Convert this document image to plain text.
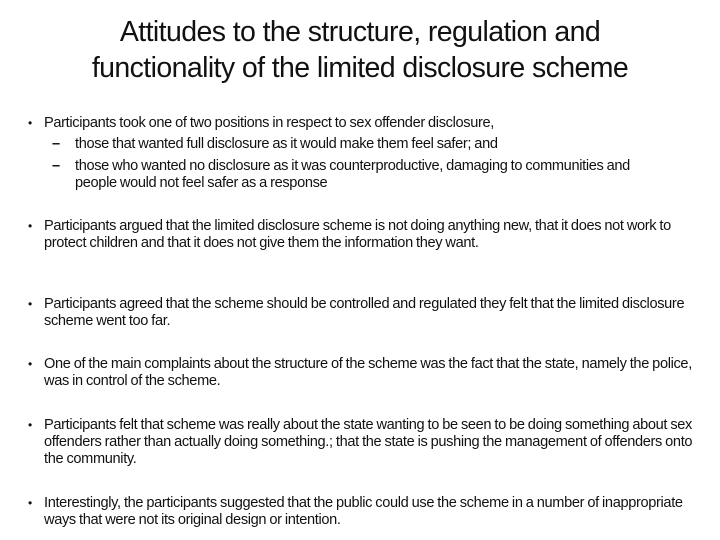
Attitudes to the structure, regulation and
functionality of the limited disclosure scheme
• Participants took one of two positions in respect to sex offender disclosure,
– those that wanted full disclosure as it would make them feel safer; and
– those who wanted no disclosure as it was counterproductive, damaging to communities and people would not feel safer as a response
• Participants argued that the limited disclosure scheme is not doing anything new, that it does not work to protect children and that it does not give them the information they want.
• Participants agreed that the scheme should be controlled and regulated they felt that the limited disclosure scheme went too far.
• One of the main complaints about the structure of the scheme was the fact that the state, namely the police, was in control of the scheme.
• Participants felt that scheme was really about the state wanting to be seen to be doing something about sex offenders rather than actually doing something.; that the state is pushing the management of offenders onto the community.
• Interestingly, the participants suggested that the public could use the scheme in a number of inappropriate ways that were not its original design or intention.
